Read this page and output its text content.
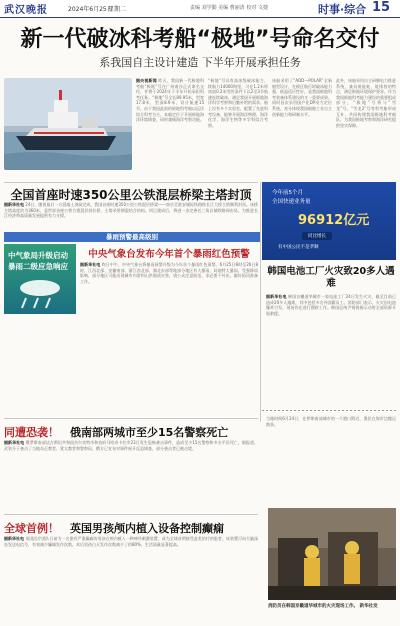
武汉晚报	2024年6月25日
星期二	责编 刘学勤 美编 曹丽清 校对 文捷	时事·综合 15
新一代破冰科考船“极地”号命名交付
系我国自主设计建造 下半年开展承担任务
据央视新闻 昨天，我国新一代极地科考船“极地”号在广州南沙正式命名交付，并将于2024年下半年开始承担科考任务。“极地”号全长89.95米，型宽17.8米，型深8.9米，设计航速15节。由于我国此前的极地科考船以远洋综合科考为主，本船定位于开展极地海洋环境调查，同时兼顾海洋考察功能。
“极地”号具有高冰级破冰能力，续航力14000海里，可在1.2米厚冰加0.2米雪的条件下以2至3节航速连续破冰，满足我国开展极地海洋科学考察和后勤补给的需求。船上设有多个实验室，配置了先进科考设备，能够开展海洋物理、海洋化学、海洋生物等多学科综合考察。
该船采用了“ADD—POLAR”全新船型设计，在极区航行时破冰能力强，低温适应性好，是我国极地科考装备体系建设的又一重要成果。同时首次采用国产化DP动力定位系统，充分体现我国船舶工业自主创新能力和研制水平。
此外，该船采用自主研制电力推进系统，兼具低能耗、低排放的特点，满足极地环境保护要求。作为我国极地科考能力建设的重要组成部分，“极地”号将与“雪龙”号、“雪龙2”号等科考船形成互补，共同构建我国极地科考船队，为我国极地考察和海洋研究提供坚实保障。
全国首座时速350公里公铁混层桥梁主塔封顶
据新华社电 24日，随着最后一方混凝土浇筑完成，我国首座时速350公里公铁混层桥梁——南京至淮安城际铁路跨长江大桥主塔顺利封顶。该桥主塔高度约为360米，是世界首座公铁合建混层斜拉桥，主塔采用钢混结合结构。项目建成后，将进一步完善长三角区域铁路网布局，为推进长江经济带高质量发展提供有力支撑。
今年前5个月
全国快递业务量
96912亿元
同比增长
有中国公民不是孝顺
暴雨预警最高级别
中气象局升级启动
暴雨二级应急响应
中央气象台发布今年首个暴雨红色预警
据新华社电 昨日中午，中央气象台将暴雨预警升级为今年首个暴雨红色预警。6月25日8时至26日8时，江西北部、安徽南部、浙江西北部、湖北东部等地部分地区有大暴雨，局地特大暴雨。受强降雨影响，部分地区可能出现城市内涝和山洪地质灾害，请公众注意防范，非必要不外出，做好防汛准备工作。
韩国电池工厂火灾致20多人遇难
据新华社电 韩国京畿道华城市一家电池工厂24日发生火灾，截至目前已造成20多人遇难，其中包括多名外国籍员工。消防部门表示，火灾因电池爆炸引发，现场仍在进行搜救工作。韩国总统尹锡悦指示动用全部资源开展救援。
同遭恐袭！ 俄南部两城市至少15名警察死亡
据新华社电 俄罗斯南部达吉斯坦共和国杰尔宾特市和首府马哈奇卡拉市23日发生恐怖袭击事件，造成至少15名警察和多名平民死亡。据报道，武装分子袭击了当地东正教堂、犹太教堂和警察局，俄方已宣布对事件展开反恐调查，部分袭击者已被击毙。
全球首例！ 英国男孩颅内植入设备控制癫痫
据新华社电 英国医疗团队日前为一名患有严重癫痫的男孩在颅内植入一种神经刺激装置，成为全球首例接受此类治疗的患者。该装置可向大脑深处发送电信号，有效减少癫痫发作次数。术后男孩白天发作次数减少了约80%，生活质量显著提高。
当地时间6月24日，在伊朗南部城市的一个港口附近，渔民在海岸边搬运渔获。
消防员在韩国京畿道华城市的火灾现场工作。 新华社发
